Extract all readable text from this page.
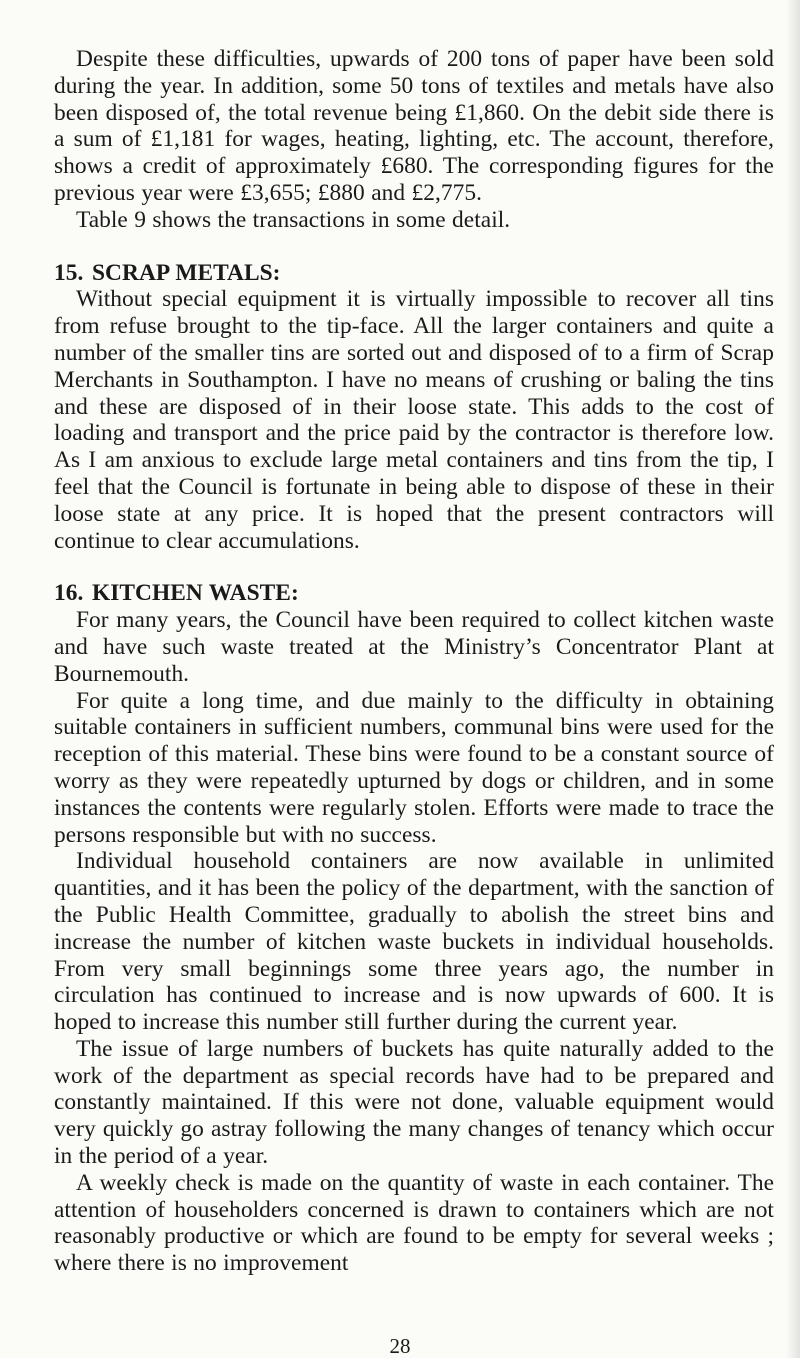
Despite these difficulties, upwards of 200 tons of paper have been sold during the year. In addition, some 50 tons of textiles and metals have also been disposed of, the total revenue being £1,860. On the debit side there is a sum of £1,181 for wages, heating, lighting, etc. The account, therefore, shows a credit of approximately £680. The corresponding figures for the previous year were £3,655; £880 and £2,775.

Table 9 shows the transactions in some detail.

15. SCRAP METALS:

Without special equipment it is virtually impossible to recover all tins from refuse brought to the tip-face. All the larger containers and quite a number of the smaller tins are sorted out and disposed of to a firm of Scrap Merchants in Southampton. I have no means of crushing or baling the tins and these are disposed of in their loose state. This adds to the cost of loading and transport and the price paid by the contractor is therefore low. As I am anxious to exclude large metal containers and tins from the tip, I feel that the Council is fortunate in being able to dispose of these in their loose state at any price. It is hoped that the present contractors will continue to clear accumulations.

16. KITCHEN WASTE:

For many years, the Council have been required to collect kitchen waste and have such waste treated at the Ministry’s Concentrator Plant at Bournemouth.

For quite a long time, and due mainly to the difficulty in obtaining suitable containers in sufficient numbers, communal bins were used for the reception of this material. These bins were found to be a constant source of worry as they were repeatedly upturned by dogs or children, and in some instances the contents were regularly stolen. Efforts were made to trace the persons responsible but with no success.

Individual household containers are now available in unlimited quantities, and it has been the policy of the department, with the sanction of the Public Health Committee, gradually to abolish the street bins and increase the number of kitchen waste buckets in individual households. From very small beginnings some three years ago, the number in circulation has continued to increase and is now upwards of 600. It is hoped to increase this number still further during the current year.

The issue of large numbers of buckets has quite naturally added to the work of the department as special records have had to be prepared and constantly maintained. If this were not done, valuable equipment would very quickly go astray following the many changes of tenancy which occur in the period of a year.

A weekly check is made on the quantity of waste in each container. The attention of householders concerned is drawn to containers which are not reasonably productive or which are found to be empty for several weeks ; where there is no improvement

28
